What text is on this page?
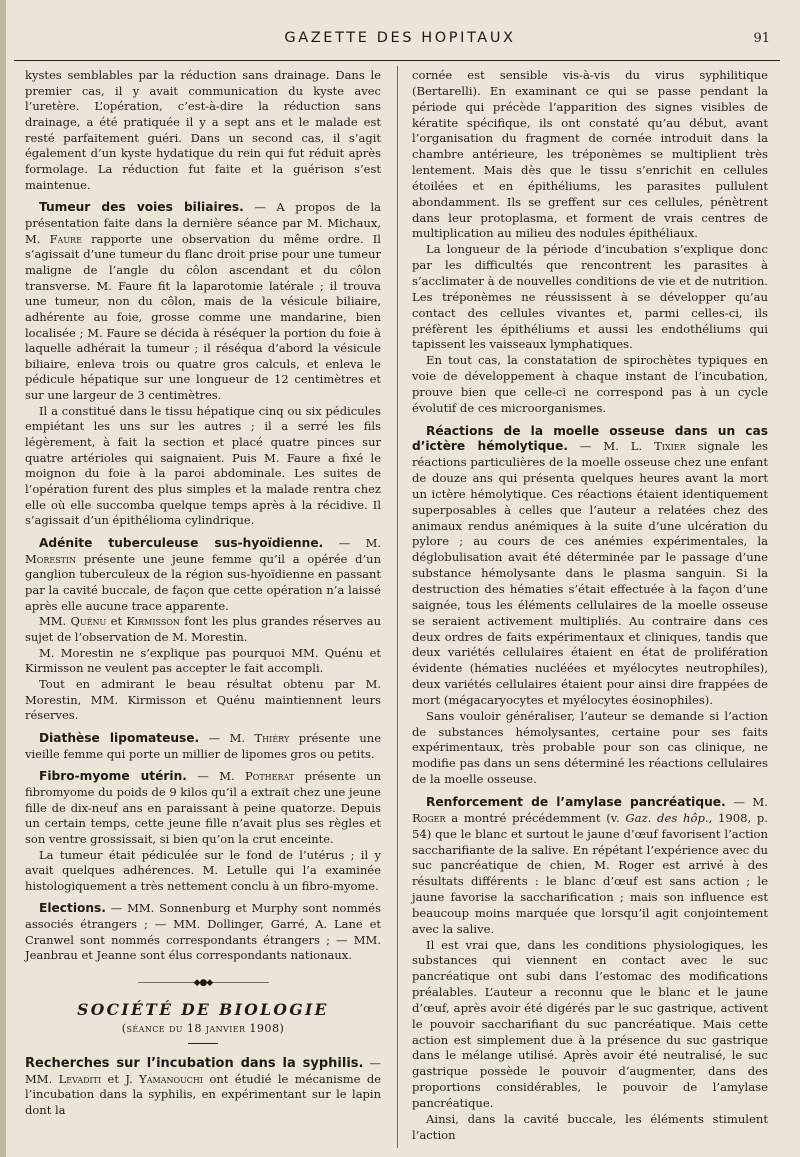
GAZETTE DES HOPITAUX	91

kystes semblables par la réduction sans drainage. Dans le premier cas, il y avait communication du kyste avec l’uretère. L’opération, c’est-à-dire la réduction sans drainage, a été pratiquée il y a sept ans et le malade est resté parfaitement guéri. Dans un second cas, il s’agit également d’un kyste hydatique du rein qui fut réduit après formolage. La réduction fut faite et la guérison s’est maintenue.

Tumeur des voies biliaires. — A propos de la présentation faite dans la dernière séance par M. Michaux, M. Faure rapporte une observation du même ordre. Il s’agissait d’une tumeur du flanc droit prise pour une tumeur maligne de l’angle du côlon ascendant et du côlon transverse. M. Faure fit la laparotomie latérale ; il trouva une tumeur, non du côlon, mais de la vésicule biliaire, adhérente au foie, grosse comme une mandarine, bien localisée ; M. Faure se décida à réséquer la portion du foie à laquelle adhérait la tumeur ; il réséqua d’abord la vésicule biliaire, enleva trois ou quatre gros calculs, et enleva le pédicule hépatique sur une longueur de 12 centimètres et sur une largeur de 3 centimètres.

Il a constitué dans le tissu hépatique cinq ou six pédicules empiétant les uns sur les autres ; il a serré les fils légèrement, à fait la section et placé quatre pinces sur quatre artérioles qui saignaient. Puis M. Faure a fixé le moignon du foie à la paroi abdominale. Les suites de l’opération furent des plus simples et la malade rentra chez elle où elle succomba quelque temps après à la récidive. Il s’agissait d’un épithélioma cylindrique.

Adénite tuberculeuse sus-hyoïdienne. — M. Morestin présente une jeune femme qu’il a opérée d’un ganglion tuberculeux de la région sus-hyoïdienne en passant par la cavité buccale, de façon que cette opération n’a laissé après elle aucune trace apparente.

MM. Quénu et Kirmisson font les plus grandes réserves au sujet de l’observation de M. Morestin.

M. Morestin ne s’explique pas pourquoi MM. Quénu et Kirmisson ne veulent pas accepter le fait accompli.

Tout en admirant le beau résultat obtenu par M. Morestin, MM. Kirmisson et Quénu maintiennent leurs réserves.

Diathèse lipomateuse. — M. Thiéry présente une vieille femme qui porte un millier de lipomes gros ou petits.

Fibro-myome utérin. — M. Potherat présente un fibromyome du poids de 9 kilos qu’il a extrait chez une jeune fille de dix-neuf ans en paraissant à peine quatorze. Depuis un certain temps, cette jeune fille n’avait plus ses règles et son ventre grossissait, si bien qu’on la crut enceinte.

La tumeur était pédiculée sur le fond de l’utérus ; il y avait quelques adhérences. M. Letulle qui l’a examinée histologiquement a très nettement conclu à un fibro-myome.

Elections. — MM. Sonnenburg et Murphy sont nommés associés étrangers ; — MM. Dollinger, Garré, A. Lane et Cranwel sont nommés correspondants étrangers ; — MM. Jeanbrau et Jeanne sont élus correspondants nationaux.

———————◆●◆———————
SOCIÉTÉ DE BIOLOGIE
(séance du 18 janvier 1908)

Recherches sur l’incubation dans la syphilis. — MM. Levaditi et J. Yamanouchi ont étudié le mécanisme de l’incubation dans la syphilis, en expérimentant sur le lapin dont la

cornée est sensible vis-à-vis du virus syphilitique (Bertarelli). En examinant ce qui se passe pendant la période qui précède l’apparition des signes visibles de kératite spécifique, ils ont constaté qu’au début, avant l’organisation du fragment de cornée introduit dans la chambre antérieure, les tréponèmes se multiplient très lentement. Mais dès que le tissu s’enrichit en cellules étoilées et en épithéliums, les parasites pullulent abondamment. Ils se greffent sur ces cellules, pénètrent dans leur protoplasma, et forment de vrais centres de multiplication au milieu des nodules épithéliaux.

La longueur de la période d’incubation s’explique donc par les difficultés que rencontrent les parasites à s’acclimater à de nouvelles conditions de vie et de nutrition. Les tréponèmes ne réussissent à se développer qu’au contact des cellules vivantes et, parmi celles-ci, ils préfèrent les épithéliums et aussi les endothéliums qui tapissent les vaisseaux lymphatiques.

En tout cas, la constatation de spirochètes typiques en voie de développement à chaque instant de l’incubation, prouve bien que celle-ci ne correspond pas à un cycle évolutif de ces microorganismes.

Réactions de la moelle osseuse dans un cas d’ictère hémolytique. — M. L. Tixier signale les réactions particulières de la moelle osseuse chez une enfant de douze ans qui présenta quelques heures avant la mort un ictère hémolytique. Ces réactions étaient identiquement superposables à celles que l’auteur a relatées chez des animaux rendus anémiques à la suite d’une ulcération du pylore ; au cours de ces anémies expérimentales, la déglobulisation avait été déterminée par le passage d’une substance hémolysante dans le plasma sanguin. Si la destruction des hématies s’était effectuée à la façon d’une saignée, tous les éléments cellulaires de la moelle osseuse se seraient activement multipliés. Au contraire dans ces deux ordres de faits expérimentaux et cliniques, tandis que deux variétés cellulaires étaient en état de prolifération évidente (hématies nucléées et myélocytes neutrophiles), deux variétés cellulaires étaient pour ainsi dire frappées de mort (mégacaryocytes et myélocytes éosinophiles).

Sans vouloir généraliser, l’auteur se demande si l’action de substances hémolysantes, certaine pour ses faits expérimentaux, très probable pour son cas clinique, ne modifie pas dans un sens déterminé les réactions cellulaires de la moelle osseuse.

Renforcement de l’amylase pancréatique. — M. Roger a montré précédemment (v. Gaz. des hôp., 1908, p. 54) que le blanc et surtout le jaune d’œuf favorisent l’action saccharifiante de la salive. En répétant l’expérience avec du suc pancréatique de chien, M. Roger est arrivé à des résultats différents : le blanc d’œuf est sans action ; le jaune favorise la saccharification ; mais son influence est beaucoup moins marquée que lorsqu’il agit conjointement avec la salive.

Il est vrai que, dans les conditions physiologiques, les substances qui viennent en contact avec le suc pancréatique ont subi dans l’estomac des modifications préalables. L’auteur a reconnu que le blanc et le jaune d’œuf, après avoir été digérés par le suc gastrique, activent le pouvoir saccharifiant du suc pancréatique. Mais cette action est simplement due à la présence du suc gastrique dans le mélange utilisé. Après avoir été neutralisé, le suc gastrique possède le pouvoir d’augmenter, dans des proportions considérables, le pouvoir de l’amylase pancréatique.

Ainsi, dans la cavité buccale, les éléments stimulent l’action
